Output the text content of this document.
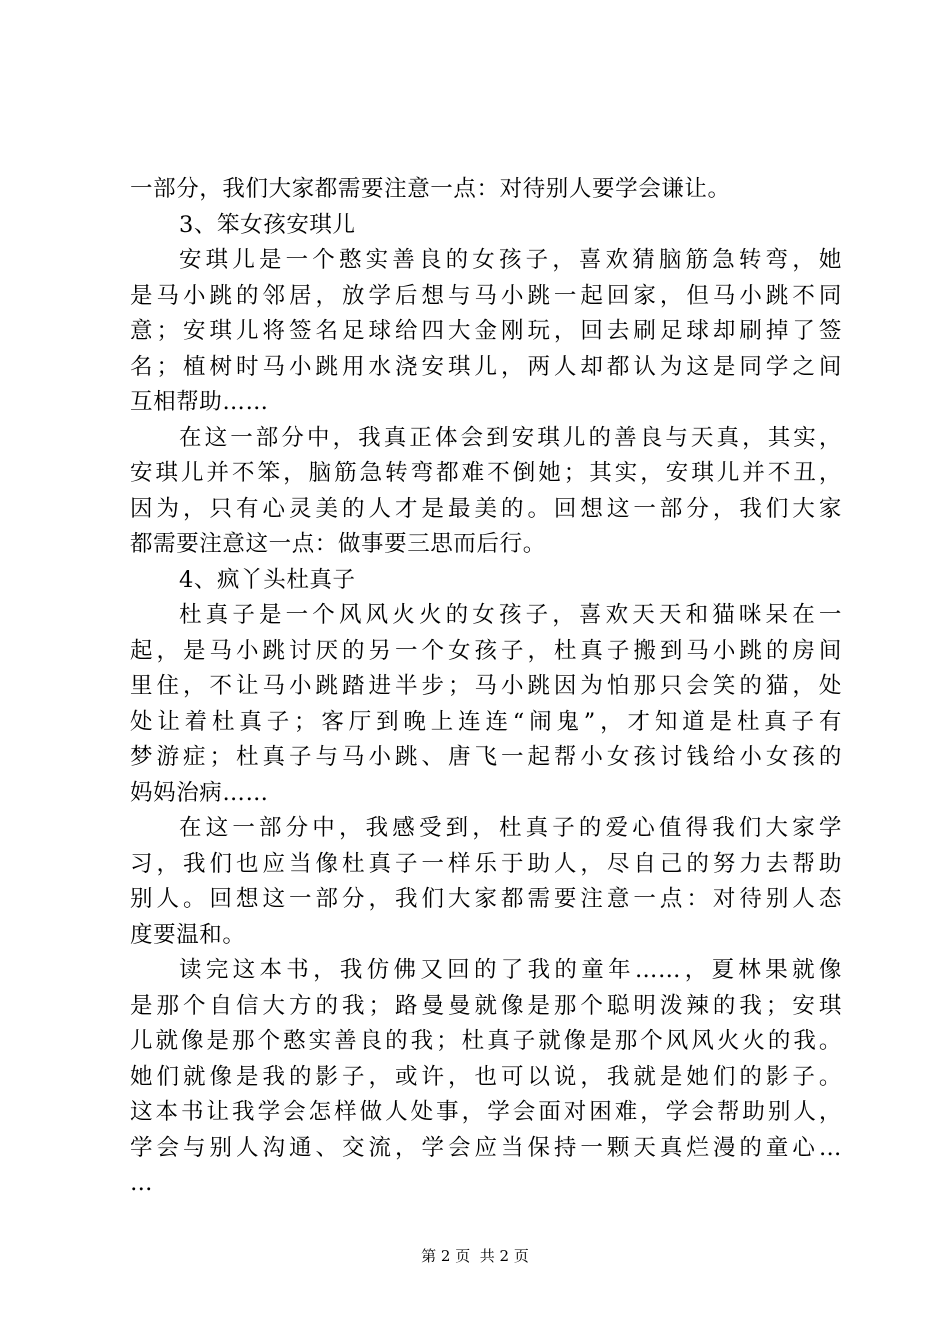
一部分，我们大家都需要注意一点：对待别人要学会谦让。
3、笨女孩安琪儿
安琪儿是一个憨实善良的女孩子，喜欢猜脑筋急转弯，她
是马小跳的邻居，放学后想与马小跳一起回家，但马小跳不同
意；安琪儿将签名足球给四大金刚玩，回去刷足球却刷掉了签
名；植树时马小跳用水浇安琪儿，两人却都认为这是同学之间
互相帮助……
在这一部分中，我真正体会到安琪儿的善良与天真，其实，
安琪儿并不笨，脑筋急转弯都难不倒她；其实，安琪儿并不丑，
因为，只有心灵美的人才是最美的。回想这一部分，我们大家
都需要注意这一点：做事要三思而后行。
4、疯丫头杜真子
杜真子是一个风风火火的女孩子，喜欢天天和猫咪呆在一
起，是马小跳讨厌的另一个女孩子，杜真子搬到马小跳的房间
里住，不让马小跳踏进半步；马小跳因为怕那只会笑的猫，处
处让着杜真子；客厅到晚上连连“闹鬼”，才知道是杜真子有
梦游症；杜真子与马小跳、唐飞一起帮小女孩讨钱给小女孩的
妈妈治病……
在这一部分中，我感受到，杜真子的爱心值得我们大家学
习，我们也应当像杜真子一样乐于助人，尽自己的努力去帮助
别人。回想这一部分，我们大家都需要注意一点：对待别人态
度要温和。
读完这本书，我仿佛又回的了我的童年……，夏林果就像
是那个自信大方的我；路曼曼就像是那个聪明泼辣的我；安琪
儿就像是那个憨实善良的我；杜真子就像是那个风风火火的我。
她们就像是我的影子，或许，也可以说，我就是她们的影子。
这本书让我学会怎样做人处事，学会面对困难，学会帮助别人，
学会与别人沟通、交流，学会应当保持一颗天真烂漫的童心…
…
第 2 页  共 2 页
